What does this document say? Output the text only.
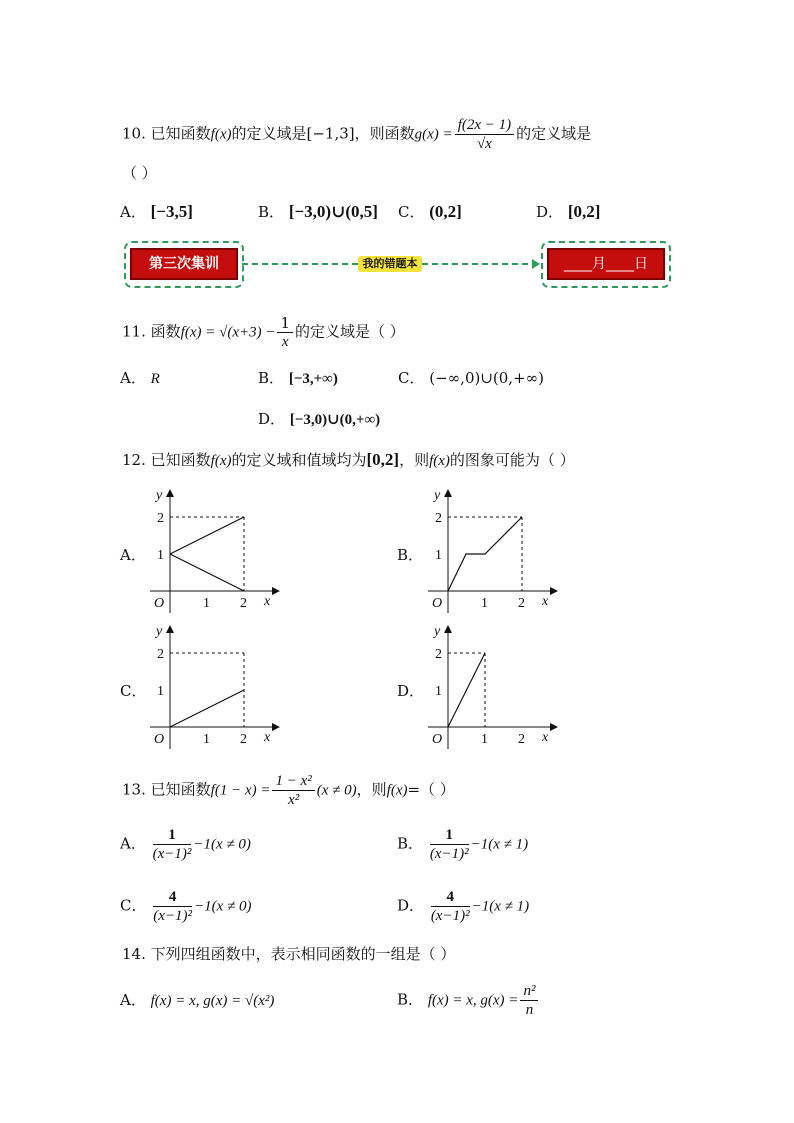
10. 已知函数f(x)的定义域是[−1,3]，则函数$g(x) = \frac{f(2x - 1)}{√x}$ 的定义域是
（ ）
A． [−3,5]	B． [−3,0)∪(0,5] C． (0,2]	D． [0,2]
第三次集训	我的错题本	____月____日
11. 函数$f(x) = √(x+3) - \frac{1}{x}$ 的定义域是（ ）
A． R	B． [−3,+∞)	C． (−∞,0)∪(0,+∞)
D． [−3,0)∪(0,+∞)
12. 已知函数f(x)的定义域和值域均为[0,2]，则f(x)的图象可能为（ ）
A．	B．
C．	D．
y
x
O
1
2
1 2
y
x
O
1
2
1 2
y
x
O
1
2
1 2
y
x
O
1
2
1 2
13. 已知函数$f(1 - x) = \frac{\text{1 − x²}}{\text{x²}} (x \ne 0)$，则f(x)=（ ）
A． $\frac{1}{\text{(x−1)²}} -1(x \ne 0)$	B． $\frac{1}{\text{(x−1)²}} -1(x \ne 1)$
C． $\frac{4}{\text{(x−1)²}} -1(x \ne 0)$	D． $\frac{4}{\text{(x−1)²}} -1(x \ne 1)$
14. 下列四组函数中，表示相同函数的一组是（ ）
A． f(x) = x, g(x) = √(x²)	B． f(x) = x, $g(x) = \frac{\text{n²}}{n}$
